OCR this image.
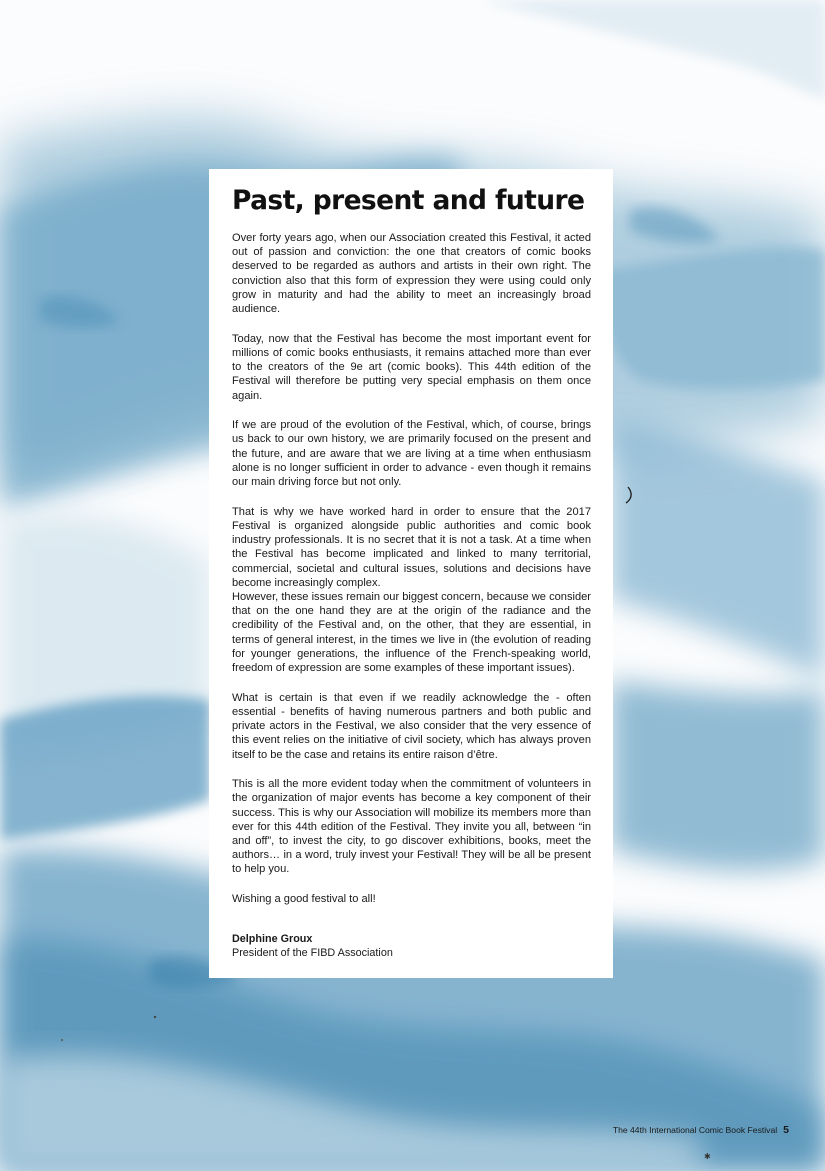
Past, present and future

Over forty years ago, when our Association created this Festival, it acted out of passion and conviction: the one that creators of comic books deserved to be regarded as authors and artists in their own right. The conviction also that this form of expression they were using could only grow in maturity and had the ability to meet an increasingly broad audience.

Today, now that the Festival has become the most important event for millions of comic books enthusiasts, it remains attached more than ever to the creators of the 9e art (comic books). This 44th edition of the Festival will therefore be putting very special emphasis on them once again.

If we are proud of the evolution of the Festival, which, of course, brings us back to our own history, we are primarily focused on the present and the future, and are aware that we are living at a time when enthusiasm alone is no longer sufficient in order to advance - even though it remains our main driving force but not only.

That is why we have worked hard in order to ensure that the 2017 Festival is organized alongside public authorities and comic book industry professionals. It is no secret that it is not a task. At a time when the Festival has become implicated and linked to many territorial, commercial, societal and cultural issues, solutions and decisions have become increasingly complex.

However, these issues remain our biggest concern, because we consider that on the one hand they are at the origin of the radiance and the credibility of the Festival and, on the other, that they are essential, in terms of general interest, in the times we live in (the evolution of reading for younger generations, the influence of the French-speaking world, freedom of expression are some examples of these important issues).

What is certain is that even if we readily acknowledge the - often essential - benefits of having numerous partners and both public and private actors in the Festival, we also consider that the very essence of this event relies on the initiative of civil society, which has always proven itself to be the case and retains its entire raison d’être.

This is all the more evident today when the commitment of volunteers in the organization of major events has become a key component of their success. This is why our Association will mobilize its members more than ever for this 44th edition of the Festival. They invite you all, between “in and off”, to invest the city, to go discover exhibitions, books, meet the authors… in a word, truly invest your Festival! They will be all be present to help you.

Wishing a good festival to all!

Delphine Groux
President of the FIBD Association
The 44th International Comic Book Festival 5
✱
